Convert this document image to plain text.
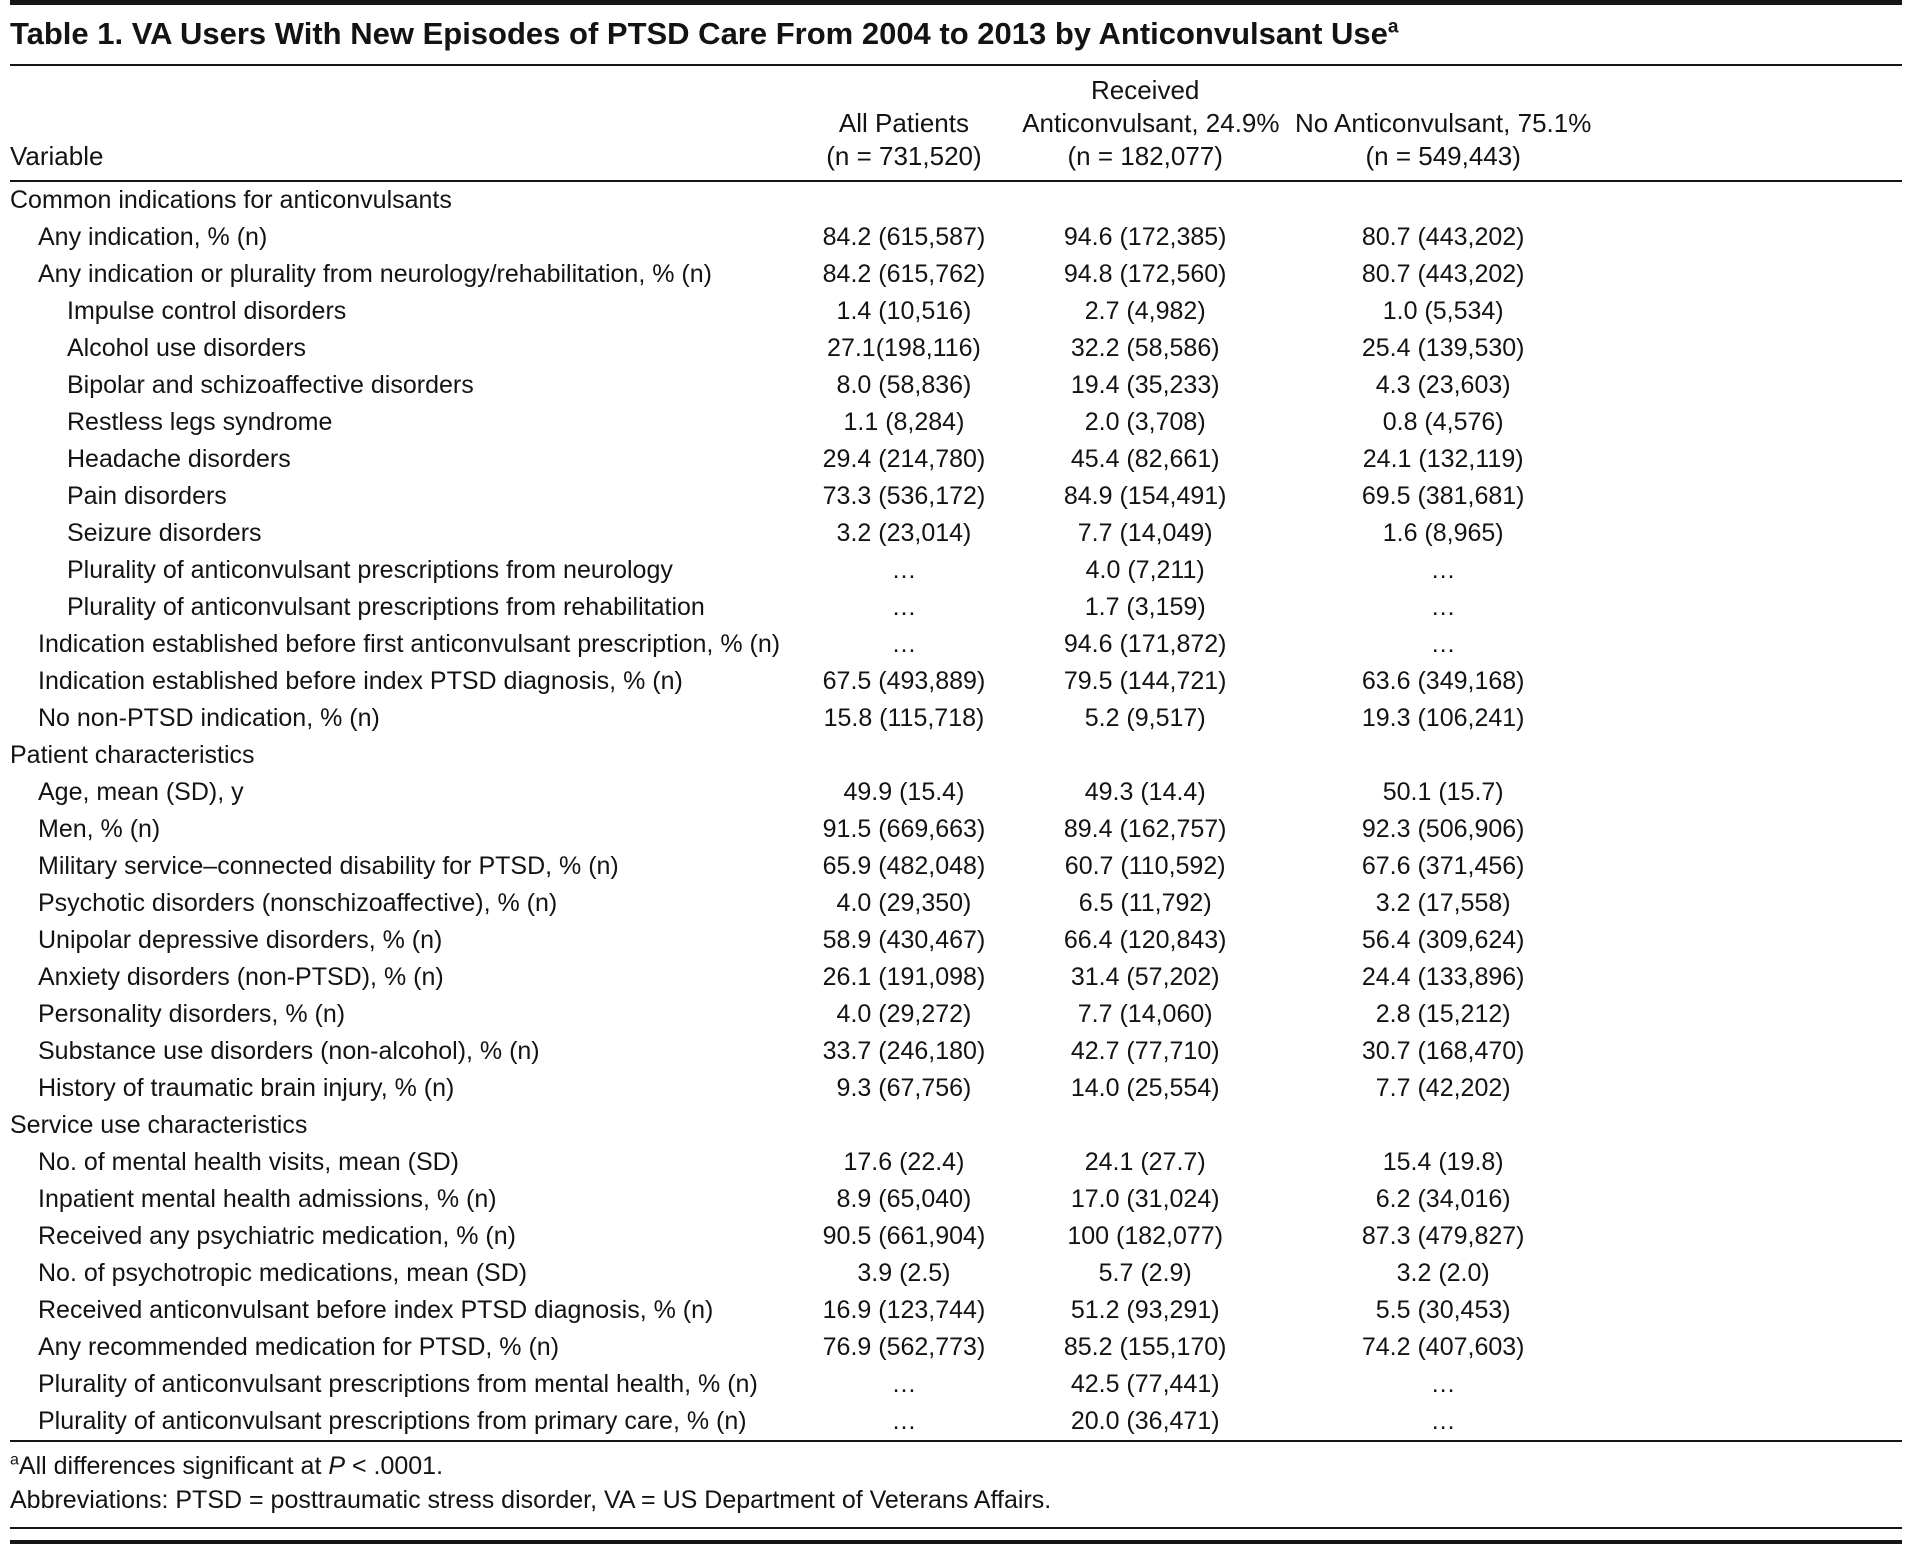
Table 1. VA Users With New Episodes of PTSD Care From 2004 to 2013 by Anticonvulsant Use$^a$
Variable

All Patients
(n = 731,520)

Received
Anticonvulsant, 24.9%
(n = 182,077)

No Anticonvulsant, 75.1%
(n = 549,443)

Common indications for anticonvulsants				
Any indication, % (n)	84.2 (615,587)	94.6 (172,385)	80.7 (443,202)	
Any indication or plurality from neurology/rehabilitation, % (n)	84.2 (615,762)	94.8 (172,560)	80.7 (443,202)	
Impulse control disorders	1.4 (10,516)	2.7 (4,982)	1.0 (5,534)	
Alcohol use disorders	27.1(198,116)	32.2 (58,586)	25.4 (139,530)	
Bipolar and schizoaffective disorders	8.0 (58,836)	19.4 (35,233)	4.3 (23,603)	
Restless legs syndrome	1.1 (8,284)	2.0 (3,708)	0.8 (4,576)	
Headache disorders	29.4 (214,780)	45.4 (82,661)	24.1 (132,119)	
Pain disorders	73.3 (536,172)	84.9 (154,491)	69.5 (381,681)	
Seizure disorders	3.2 (23,014)	7.7 (14,049)	1.6 (8,965)	
Plurality of anticonvulsant prescriptions from neurology	…	4.0 (7,211)	…	
Plurality of anticonvulsant prescriptions from rehabilitation	…	1.7 (3,159)	…	
Indication established before first anticonvulsant prescription, % (n)	…	94.6 (171,872)	…	
Indication established before index PTSD diagnosis, % (n)	67.5 (493,889)	79.5 (144,721)	63.6 (349,168)	
No non-PTSD indication, % (n)	15.8 (115,718)	5.2 (9,517)	19.3 (106,241)	
Patient characteristics				
Age, mean (SD), y	49.9 (15.4)	49.3 (14.4)	50.1 (15.7)	
Men, % (n)	91.5 (669,663)	89.4 (162,757)	92.3 (506,906)	
Military service–connected disability for PTSD, % (n)	65.9 (482,048)	60.7 (110,592)	67.6 (371,456)	
Psychotic disorders (nonschizoaffective), % (n)	4.0 (29,350)	6.5 (11,792)	3.2 (17,558)	
Unipolar depressive disorders, % (n)	58.9 (430,467)	66.4 (120,843)	56.4 (309,624)	
Anxiety disorders (non-PTSD), % (n)	26.1 (191,098)	31.4 (57,202)	24.4 (133,896)	
Personality disorders, % (n)	4.0 (29,272)	7.7 (14,060)	2.8 (15,212)	
Substance use disorders (non-alcohol), % (n)	33.7 (246,180)	42.7 (77,710)	30.7 (168,470)	
History of traumatic brain injury, % (n)	9.3 (67,756)	14.0 (25,554)	7.7 (42,202)	
Service use characteristics				
No. of mental health visits, mean (SD)	17.6 (22.4)	24.1 (27.7)	15.4 (19.8)	
Inpatient mental health admissions, % (n)	8.9 (65,040)	17.0 (31,024)	6.2 (34,016)	
Received any psychiatric medication, % (n)	90.5 (661,904)	100 (182,077)	87.3 (479,827)	
No. of psychotropic medications, mean (SD)	3.9 (2.5)	5.7 (2.9)	3.2 (2.0)	
Received anticonvulsant before index PTSD diagnosis, % (n)	16.9 (123,744)	51.2 (93,291)	5.5 (30,453)	
Any recommended medication for PTSD, % (n)	76.9 (562,773)	85.2 (155,170)	74.2 (407,603)	
Plurality of anticonvulsant prescriptions from mental health, % (n)	…	42.5 (77,441)	…	
Plurality of anticonvulsant prescriptions from primary care, % (n)	…	20.0 (36,471)	…	
$^a$All differences significant at P < .0001.
Abbreviations: PTSD = posttraumatic stress disorder, VA = US Department of Veterans Affairs.
